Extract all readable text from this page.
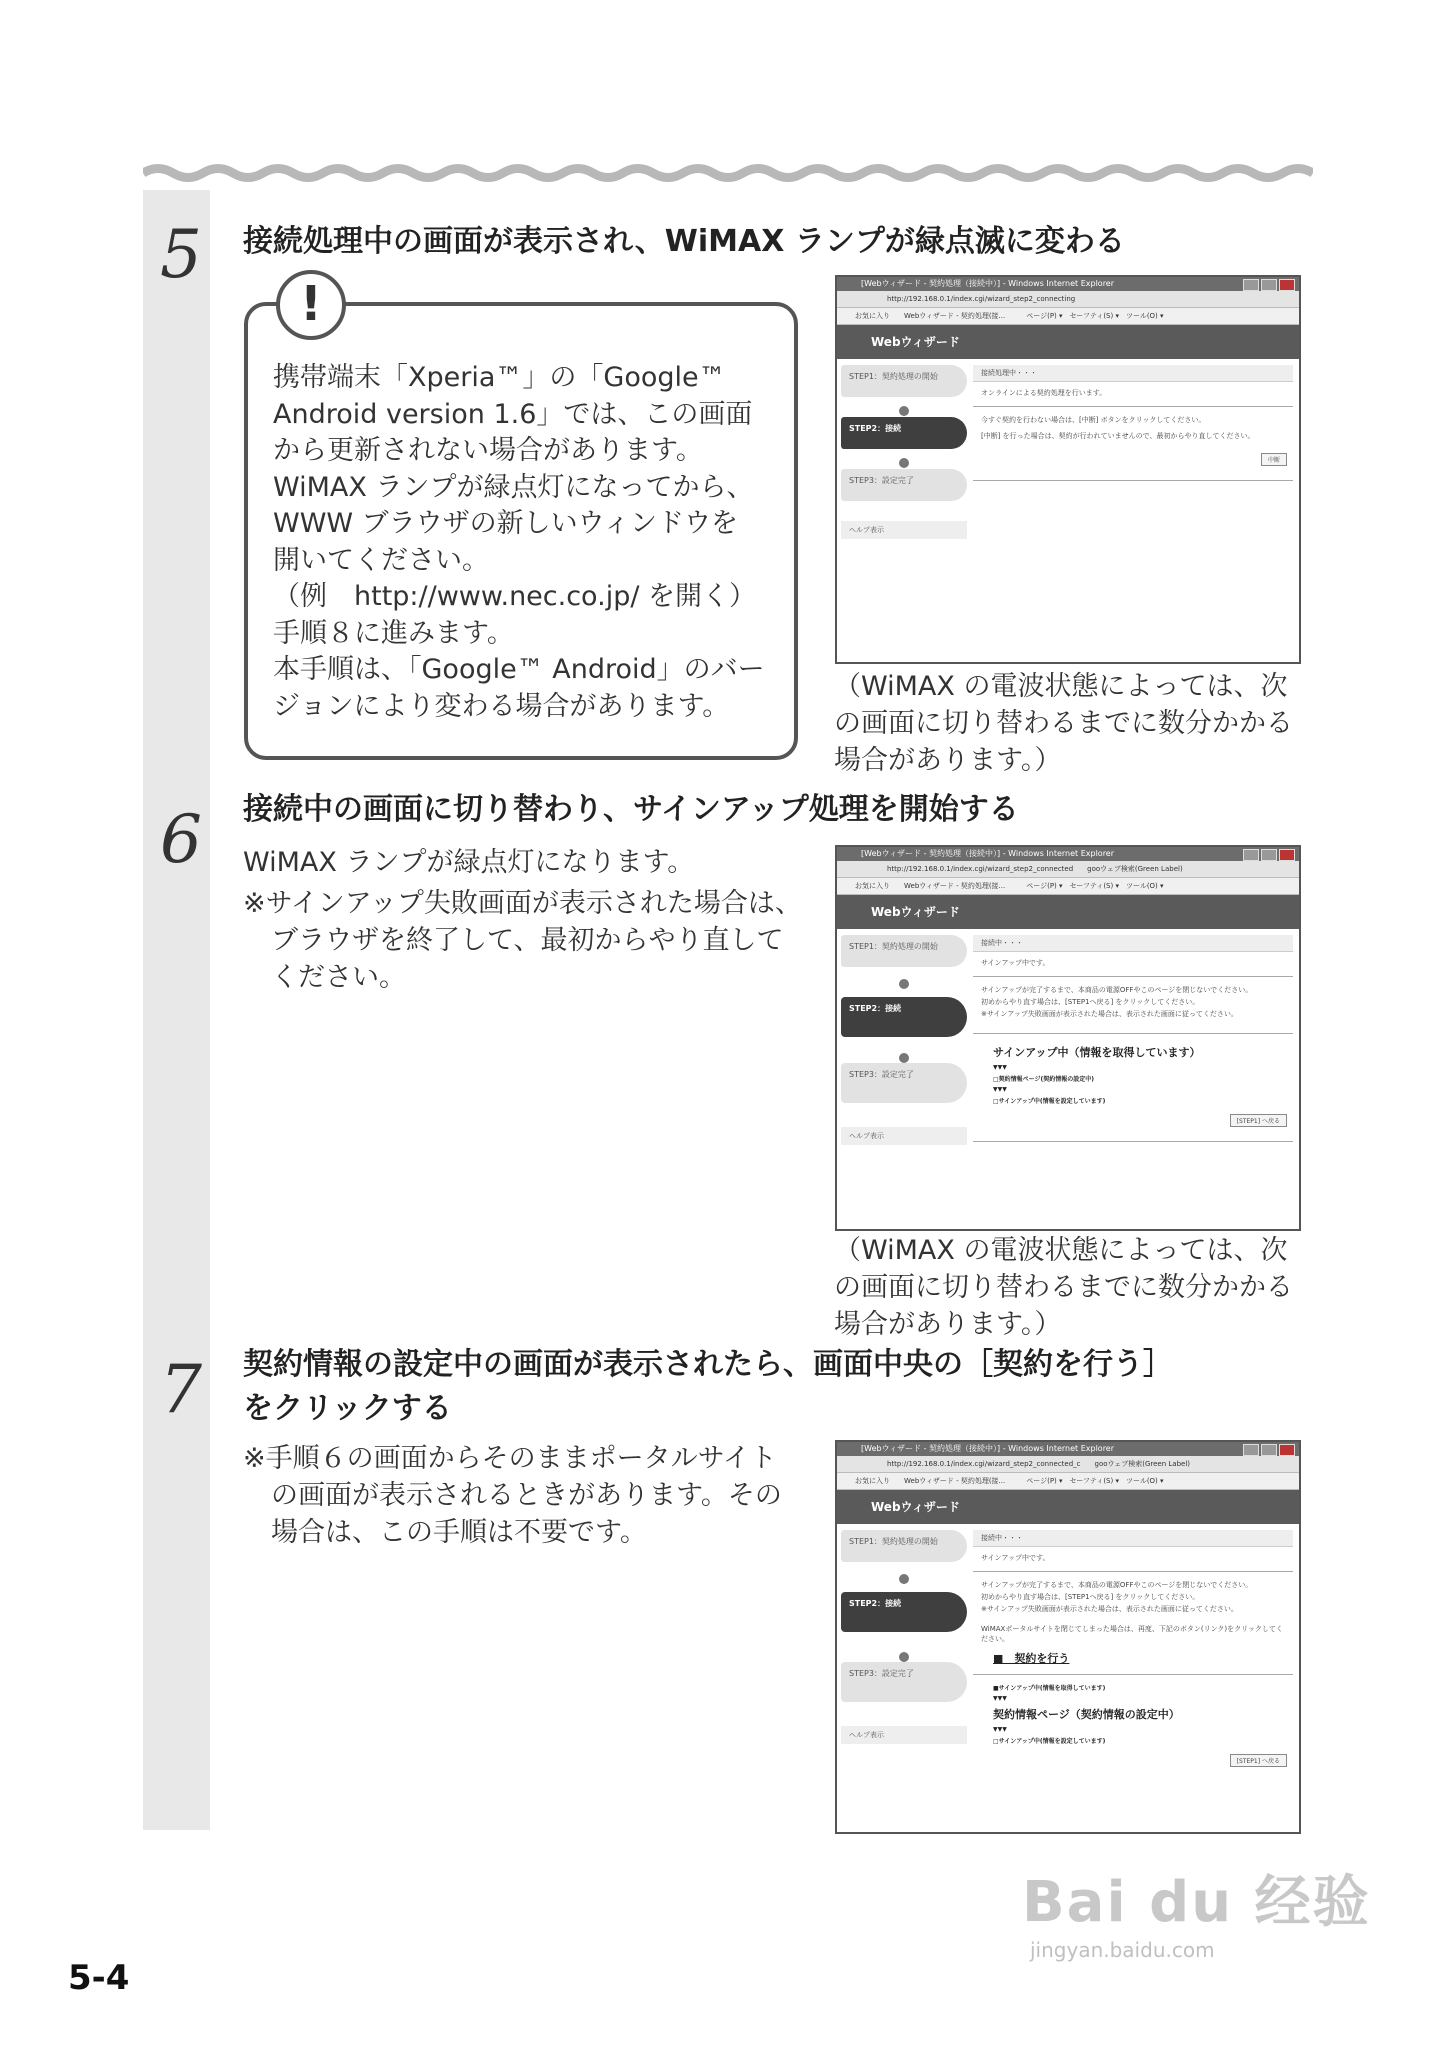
5 接続処理中の画面が表示され、WiMAX ランプが緑点滅に変わる
!
携帯端末「Xperia™」の「Google™
Android version 1.6」では、この画面
から更新されない場合があります。
WiMAX ランプが緑点灯になってから、
WWW ブラウザの新しいウィンドウを
開いてください。
（例　http://www.nec.co.jp/ を開く）
手順８に進みます。
本手順は、「Google™ Android」のバー
ジョンにより変わる場合があります。
[Webウィザード - 契約処理（接続中）] - Windows Internet Explorer
http://192.168.0.1/index.cgi/wizard_step2_connecting
お気に入り　　Webウィザード - 契約処理(接...　　　ページ(P) ▾　セーフティ(S) ▾　ツール(O) ▾
Webウィザード
STEP1：契約処理の開始
STEP2：接続
STEP3：設定完了
ヘルプ表示
接続処理中・・・
オンラインによる契約処理を行います。
今すぐ契約を行わない場合は、[中断] ボタンをクリックしてください。
[中断] を行った場合は、契約が行われていませんので、最初からやり直してください。
中断
（WiMAX の電波状態によっては、次の画面に切り替わるまでに数分かかる場合があります。）
6 接続中の画面に切り替わり、サインアップ処理を開始する
WiMAX ランプが緑点灯になります。
※サインアップ失敗画面が表示された場合は、ブラウザを終了して、最初からやり直してください。
[Webウィザード - 契約処理（接続中）] - Windows Internet Explorer
http://192.168.0.1/index.cgi/wizard_step2_connected　　 gooウェブ検索(Green Label)
お気に入り　　Webウィザード - 契約処理(接...　　　ページ(P) ▾　セーフティ(S) ▾　ツール(O) ▾
Webウィザード
STEP1：契約処理の開始
STEP2：接続
STEP3：設定完了
ヘルプ表示
接続中・・・
サインアップ中です。
サインアップが完了するまで、本商品の電源OFFやこのページを閉じないでください。
初めからやり直す場合は、[STEP1へ戻る] をクリックしてください。
※サインアップ失敗画面が表示された場合は、表示された画面に従ってください。
サインアップ中（情報を取得しています）
▼▼▼
□契約情報ページ(契約情報の設定中)
▼▼▼
□サインアップ中(情報を設定しています)
[STEP1] へ戻る
（WiMAX の電波状態によっては、次の画面に切り替わるまでに数分かかる場合があります。）
7 契約情報の設定中の画面が表示されたら、画面中央の［契約を行う］
をクリックする
※手順６の画面からそのままポータルサイトの画面が表示されるときがあります。その場合は、この手順は不要です。
[Webウィザード - 契約処理（接続中）] - Windows Internet Explorer
http://192.168.0.1/index.cgi/wizard_step2_connected_c　　 gooウェブ検索(Green Label)
お気に入り　　Webウィザード - 契約処理(接...　　　ページ(P) ▾　セーフティ(S) ▾　ツール(O) ▾
Webウィザード
STEP1：契約処理の開始
STEP2：接続
STEP3：設定完了
ヘルプ表示
接続中・・・
サインアップ中です。
サインアップが完了するまで、本商品の電源OFFやこのページを閉じないでください。
初めからやり直す場合は、[STEP1へ戻る] をクリックしてください。
※サインアップ失敗画面が表示された場合は、表示された画面に従ってください。
WiMAXポータルサイトを閉じてしまった場合は、再度、下記のボタン(リンク)をクリックしてください。
■　契約を行う
■サインアップ中(情報を取得しています)
▼▼▼
契約情報ページ（契約情報の設定中）
▼▼▼
□サインアップ中(情報を設定しています)
[STEP1] へ戻る
5-4
Bai du 经验
jingyan.baidu.com
